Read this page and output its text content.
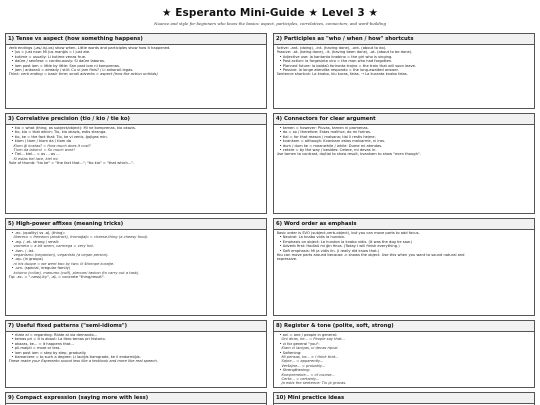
★ Esperanto Mini-Guide ★ Level 3 ★
Nuance and style for beginners who know the basics: aspect, participles, correlatives, connectors, and word-building
1) Tense vs aspect (how something happens)
Verb endings (-as/-is/-os) show when. Little words and participles show how it happened.
• ĵus = just now: Mi ĵus manĝis = I just ate.
• kutime = usually: Li kutime venas frue.
• daŭre / senĉese = continuously: Ŝi daŭre laboras.
• iom post iom = little by little: Ŝan post iom ni komprenas.
• jam / ankoraŭ = already / still: Ĉu vi jam finis? / Li ankoraŭ legas.
Think: verb ending = basic time; small adverbs = aspect (how the action unfolds)
2) Participles as "who / when / how" shortcuts
Active: -ant- (doing), -int- (having done), -ont- (about to do).
Passive: -at- (being done), -it- (having been done), -ot- (about to be done).
• Adjective use: la kantanta knabino = the girl who is singing.
• Past action: la forgesinta viro = the man who had forgotten.
• Planned future: la baldaŭ forironta trajno = the train that will soon leave.
• Passive: la longe atendita respondo = the long-awaited answer.
Sentence shortcut: La knabo, kiu kuras, falas. → La kuranta knabo falas.
3) Correlative precision (tio / kio / tie ko)
• kio = what (thing, as subject/object): Mi ne komprenas, kio okazis.
• tio, kio = that which: Tio, kio okazis, estis stranga.
• tio, ke = the fact that: Tio, ke vi venis, ĝojigas min.
• kiom / tiom / kiom da / tiom da
Kiom ĝi kostas? = How much does it cost?
Tiom da laboro! = So much work!
• Tiel... kiel... = as ... as ...
Ŝi estas tiel lace, kiel mi.
Rule of thumb: "tio ke" = "the fact that..."; "tio kio" = "that which...".
4) Connectors for clear argument
• tamen = however: Pluvas, tamen ni promenas.
• do = so / therefore: Estas malfrue, do mi foriras.
• tial = for that reason / malsana; tial li restis hejme.
• kvankam = although: Kvankam estas malvarme, ni iras.
• dum / dum ke = meanwhile / while: Dume mi atendas.
• cetere = by the way / besides: Cetere, mi devas iri.
Use tamen to contrast, do/tial to show result, kvankam to show "even though".
5) High-power affixes (meaning tricks)
• -ec- (quality) vs -aĵ- (thing):
libereco = freedom (abstract), fromaĝaĵo = cheese-thing (a cheesy food).
• -eg- / -et- strong / small:
varmeta = a bit warm, varmega = very hot.
• -ism- / -ist-
veganismo (veganism), veganisto (a vegan person).
• -op- (in groups)
ni iris duope = we went two by two; ili štiorope kuraĝe.
• -um- (special, irregular family)
kolumo (collar), manumo (cuff), plenumi taskon (to carry out a task).
Tip: -ec- = "-ness/-ity", -aĵ- = concrete "thing/result".
6) Word order as emphasis
Basic order is SVO (subject-verb-object), but you can move parts to add focus.
• Neutral: La knabo vidis la hundon.
• Emphasis on object: La hundon la knabo vidis. (It was the dog he saw.)
• Adverb first: Hodiaŭ mi ĝin finos. (Today I will finish everything.)
• Soft emphasis: Mi ja vidis lin. (I really did know that.)
You can move parts around because -n shows the object. Use this when you want to sound natural and
expressive.
7) Useful fixed patterns ("semi-idioms")
• rilate al = regarding: Rilate al via demando...
• temas pri = it is about: La libro temas pri historio.
• okazas, ke... = it happens that...
• pli-malpli = more or less.
• iom post iom = step by step, gradually.
• tiamaniere = to such a degree: Li laciĝis tiamgrade, ke li endormiĝis.
These make your Esperanto sound less like a textbook and more like real speech.
8) Register & tone (polite, soft, strong)
• oni = one / people in general:
Oni diras, ke... = People say that...
• vi for general "you":
Kiam vi lacigas, vi devas ripozi.
• Softening:
Mi pensas, ke... > I think that...
Ŝajne... = apparently...
Verŝajne... = probably...
• Strengthening:
Kompreneble... = of course...
Certe... = certainly...
Ja estis the sentence: Tio ja gravas.
9) Compact expression (saying more with less)	10) Mini practice ideas
